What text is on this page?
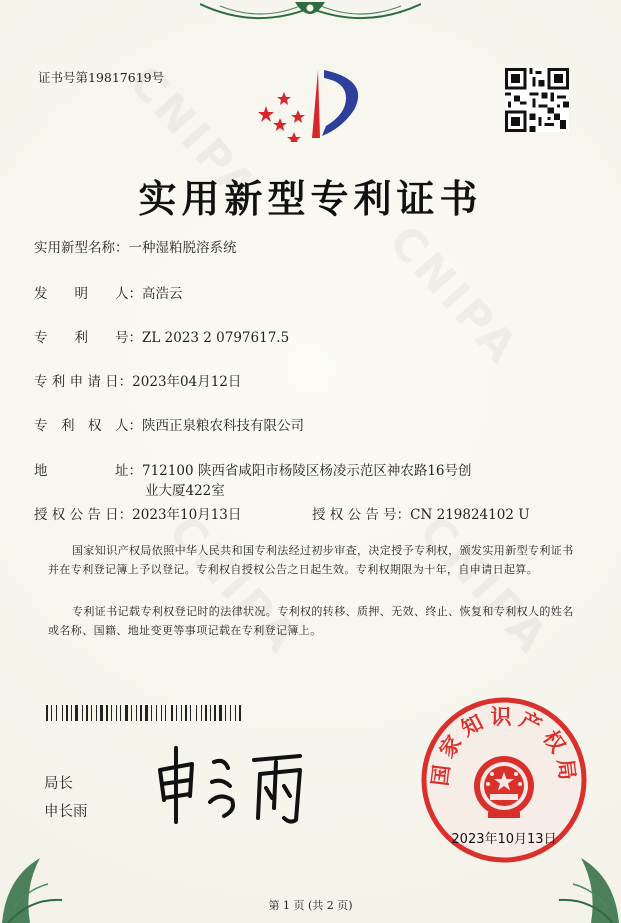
证书号第19817619号
实用新型专利证书
实用新型名称：一种湿粕脱溶系统
发　　明　　人：高浩云
专　　利　　号：ZL 2023 2 0797617.5
专 利 申 请 日：2023年04月12日
专　利　权　人：陕西正泉粮农科技有限公司
地　　　　　址：712100 陕西省咸阳市杨陵区杨凌示范区神农路16号创
业大厦422室
授 权 公 告 日：2023年10月13日	授 权 公 告 号：CN 219824102 U
国家知识产权局依照中华人民共和国专利法经过初步审查，决定授予专利权，颁发实用新型专利证书并在专利登记簿上予以登记。专利权自授权公告之日起生效。专利权期限为十年，自申请日起算。
专利证书记载专利权登记时的法律状况。专利权的转移、质押、无效、终止、恢复和专利权人的姓名或名称、国籍、地址变更等事项记载在专利登记簿上。
局长
申长雨
国家知识产权局
2023年10月13日
第 1 页 (共 2 页)
